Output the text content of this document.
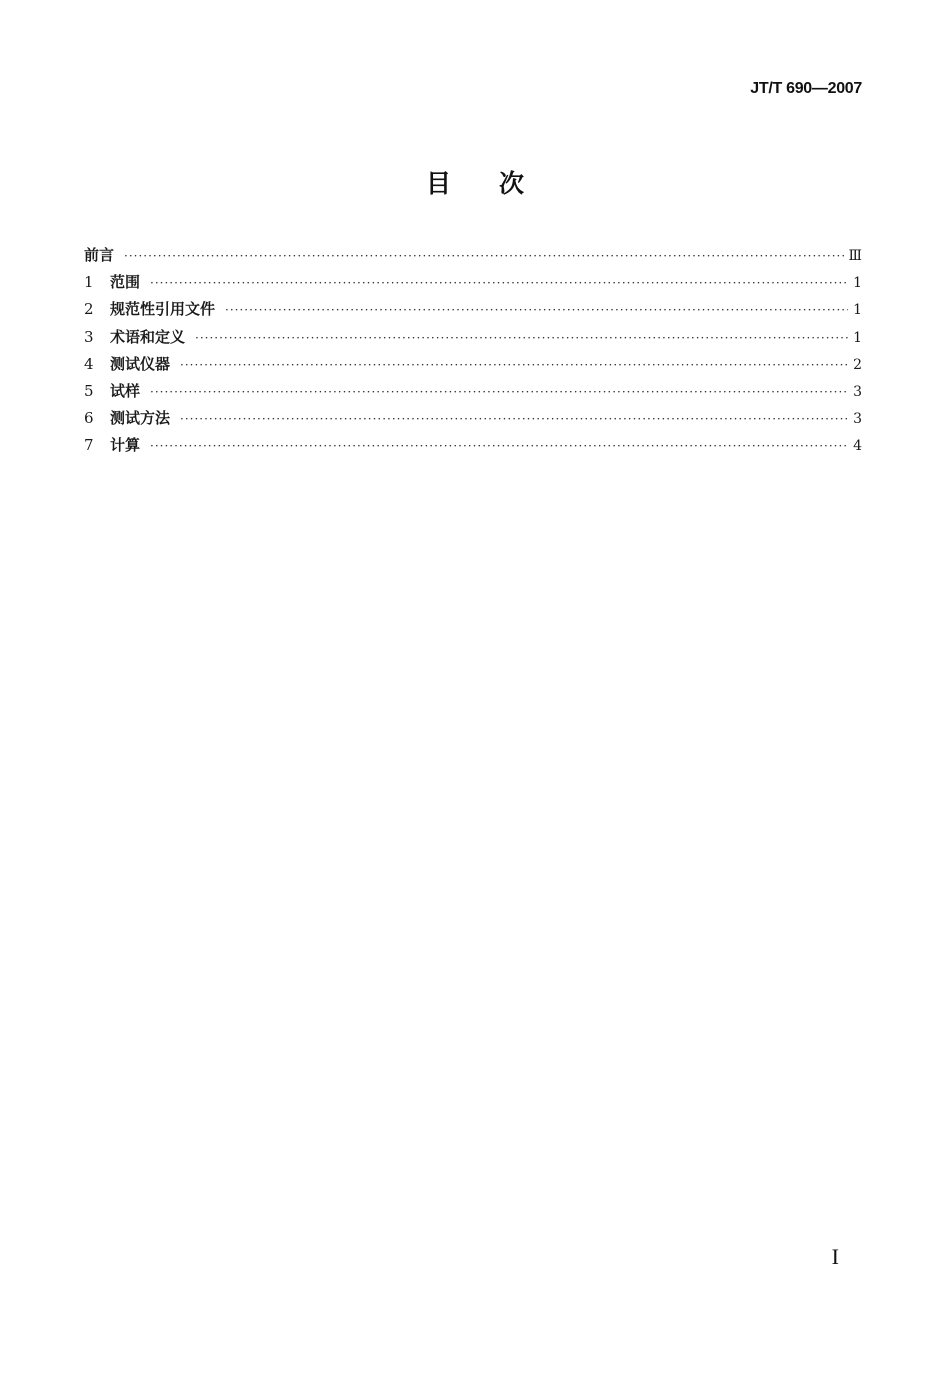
JT/T 690—2007
目次
前言 ·····	Ⅲ
1	范围 ·····	1
2	规范性引用文件 ·····	1
3	术语和定义 ·····	1
4	测试仪器 ·····	2
5	试样 ·····	3
6	测试方法 ·····	3
7	计算 ·····	4
I
